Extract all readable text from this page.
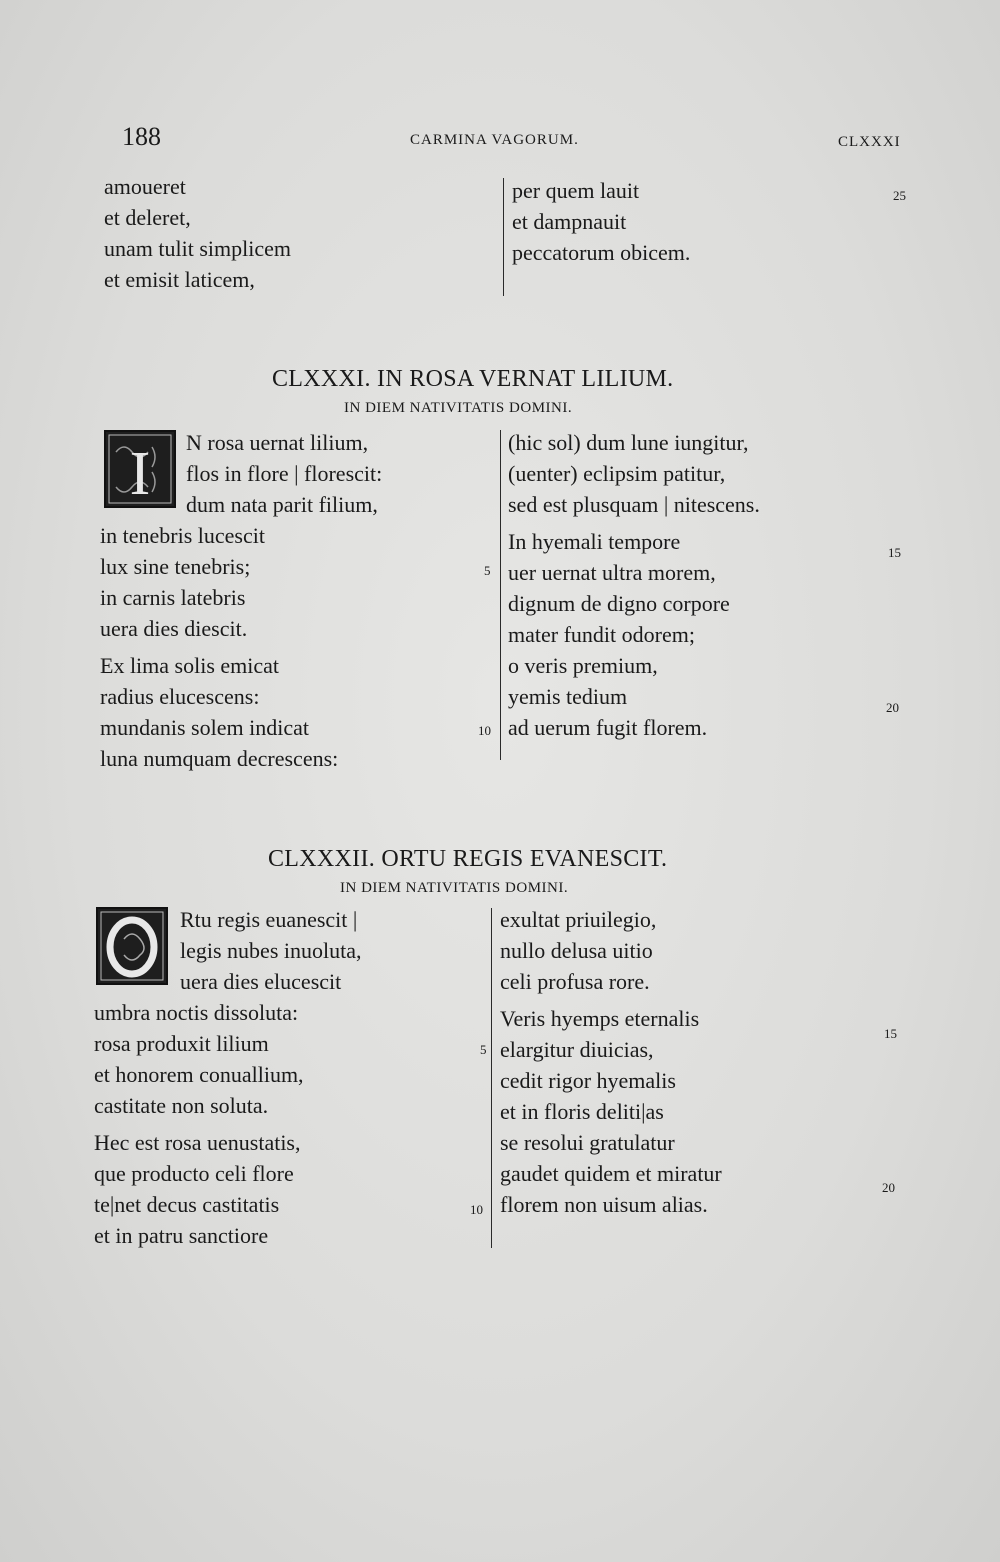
188	CARMINA VAGORUM.	CLXXXI
amoueret
et deleret,
unam tulit simplicem
et emisit laticem,
per quem lauit
et dampnauit
peccatorum obicem.
25
CLXXXI. IN ROSA VERNAT LILIUM.
IN DIEM NATIVITATIS DOMINI.
I N rosa uernat lilium,
flos in flore | florescit:
dum nata parit filium,
in tenebris lucescit
lux sine tenebris;
in carnis latebris
uera dies diescit.
Ex lima solis emicat
radius elucescens:
mundanis solem indicat
luna numquam decrescens:
5
10
(hic sol) dum lune iungitur,
(uenter) eclipsim patitur,
sed est plusquam | nitescens.
In hyemali tempore
uer uernat ultra morem,
dignum de digno corpore
mater fundit odorem;
o veris premium,
yemis tedium
ad uerum fugit florem.
15
20
CLXXXII. ORTU REGIS EVANESCIT.
IN DIEM NATIVITATIS DOMINI.
Rtu regis euanescit |
legis nubes inuoluta,
uera dies elucescit
umbra noctis dissoluta:
rosa produxit lilium
et honorem conuallium,
castitate non soluta.
Hec est rosa uenustatis,
que producto celi flore
te|net decus castitatis
et in patru sanctiore
5
10
exultat priuilegio,
nullo delusa uitio
celi profusa rore.
Veris hyemps eternalis
elargitur diuicias,
cedit rigor hyemalis
et in floris deliti|as
se resolui gratulatur
gaudet quidem et miratur
florem non uisum alias.
15
20
